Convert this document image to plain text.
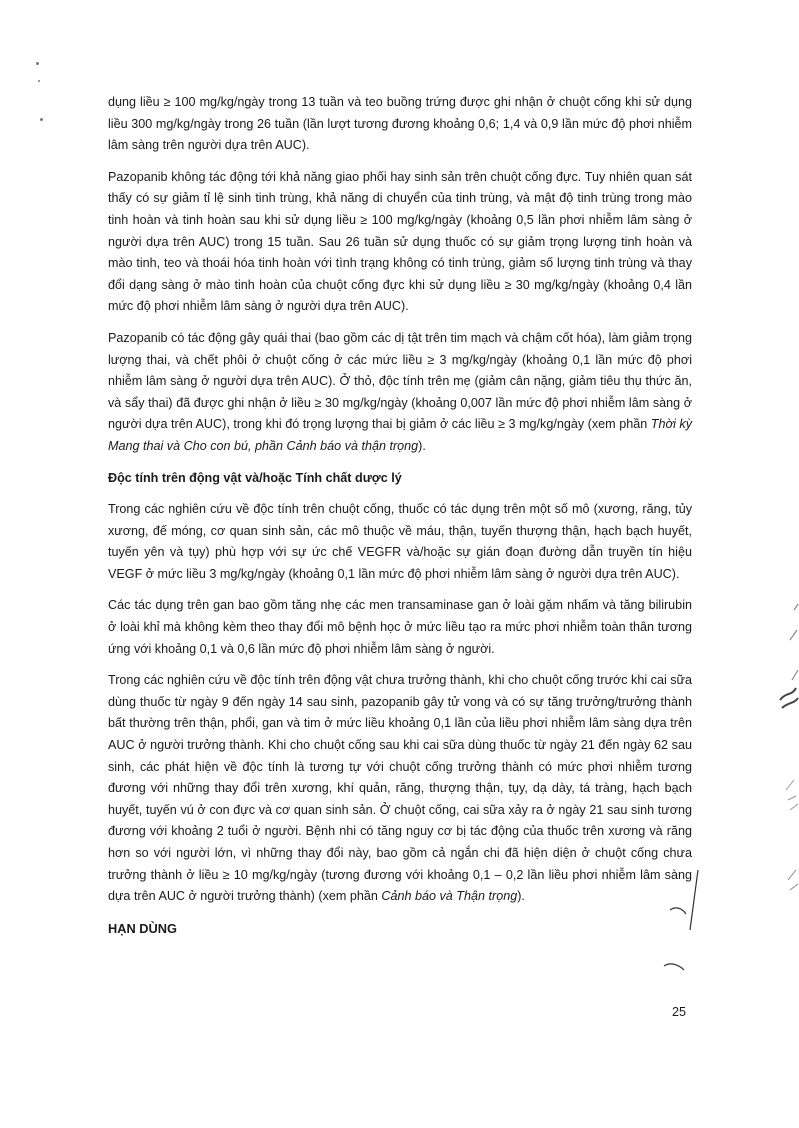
dụng liều ≥ 100 mg/kg/ngày trong 13 tuần và teo buồng trứng được ghi nhận ở chuột cống khi sử dụng liều 300 mg/kg/ngày trong 26 tuần (lần lượt tương đương khoảng 0,6; 1,4 và 0,9 lần mức độ phơi nhiễm lâm sàng trên người dựa trên AUC).

Pazopanib không tác động tới khả năng giao phối hay sinh sản trên chuột cống đực. Tuy nhiên quan sát thấy có sự giảm tỉ lệ sinh tinh trùng, khả năng di chuyển của tinh trùng, và mật độ tinh trùng trong mào tinh hoàn và tinh hoàn sau khi sử dụng liều ≥ 100 mg/kg/ngày (khoảng 0,5 lần phơi nhiễm lâm sàng ở người dựa trên AUC) trong 15 tuần. Sau 26 tuần sử dụng thuốc có sự giảm trọng lượng tinh hoàn và mào tinh, teo và thoái hóa tinh hoàn với tình trạng không có tinh trùng, giảm số lượng tinh trùng và thay đổi dạng sàng ở mào tinh hoàn của chuột cống đực khi sử dụng liều ≥ 30 mg/kg/ngày (khoảng 0,4 lần mức độ phơi nhiễm lâm sàng ở người dựa trên AUC).

Pazopanib có tác động gây quái thai (bao gồm các dị tật trên tim mạch và chậm cốt hóa), làm giảm trọng lượng thai, và chết phôi ở chuột cống ở các mức liều ≥ 3 mg/kg/ngày (khoảng 0,1 lần mức độ phơi nhiễm lâm sàng ở người dựa trên AUC). Ở thỏ, độc tính trên mẹ (giảm cân nặng, giảm tiêu thụ thức ăn, và sẩy thai) đã được ghi nhận ở liều ≥ 30 mg/kg/ngày (khoảng 0,007 lần mức độ phơi nhiễm lâm sàng ở người dựa trên AUC), trong khi đó trọng lượng thai bị giảm ở các liều ≥ 3 mg/kg/ngày (xem phần Thời kỳ Mang thai và Cho con bú, phần Cảnh báo và thận trọng).

Độc tính trên động vật và/hoặc Tính chất dược lý

Trong các nghiên cứu về độc tính trên chuột cống, thuốc có tác dụng trên một số mô (xương, răng, tủy xương, đế móng, cơ quan sinh sản, các mô thuộc về máu, thận, tuyến thượng thận, hạch bạch huyết, tuyến yên và tụy) phù hợp với sự ức chế VEGFR và/hoặc sự gián đoạn đường dẫn truyền tín hiệu VEGF ở mức liều 3 mg/kg/ngày (khoảng 0,1 lần mức độ phơi nhiễm lâm sàng ở người dựa trên AUC).

Các tác dụng trên gan bao gồm tăng nhẹ các men transaminase gan ở loài gặm nhấm và tăng bilirubin ở loài khỉ mà không kèm theo thay đổi mô bệnh học ở mức liều tạo ra mức phơi nhiễm toàn thân tương ứng với khoảng 0,1 và 0,6 lần mức độ phơi nhiễm lâm sàng ở người.

Trong các nghiên cứu về độc tính trên động vật chưa trưởng thành, khi cho chuột cống trước khi cai sữa dùng thuốc từ ngày 9 đến ngày 14 sau sinh, pazopanib gây tử vong và có sự tăng trưởng/trưởng thành bất thường trên thận, phổi, gan và tim ở mức liều khoảng 0,1 lần của liều phơi nhiễm lâm sàng dựa trên AUC ở người trưởng thành. Khi cho chuột cống sau khi cai sữa dùng thuốc từ ngày 21 đến ngày 62 sau sinh, các phát hiện về độc tính là tương tự với chuột cống trưởng thành có mức phơi nhiễm tương đương với những thay đổi trên xương, khí quản, răng, thượng thận, tụy, dạ dày, tá tràng, hạch bạch huyết, tuyến vú ở con đực và cơ quan sinh sản. Ở chuột cống, cai sữa xảy ra ở ngày 21 sau sinh tương đương với khoảng 2 tuổi ở người. Bệnh nhi có tăng nguy cơ bị tác động của thuốc trên xương và răng hơn so với người lớn, vì những thay đổi này, bao gồm cả ngắn chi đã hiện diện ở chuột cống chưa trưởng thành ở liều ≥ 10 mg/kg/ngày (tương đương với khoảng 0,1 – 0,2 lần liều phơi nhiễm lâm sàng dựa trên AUC ở người trưởng thành) (xem phần Cảnh báo và Thận trọng).

HẠN DÙNG
25
